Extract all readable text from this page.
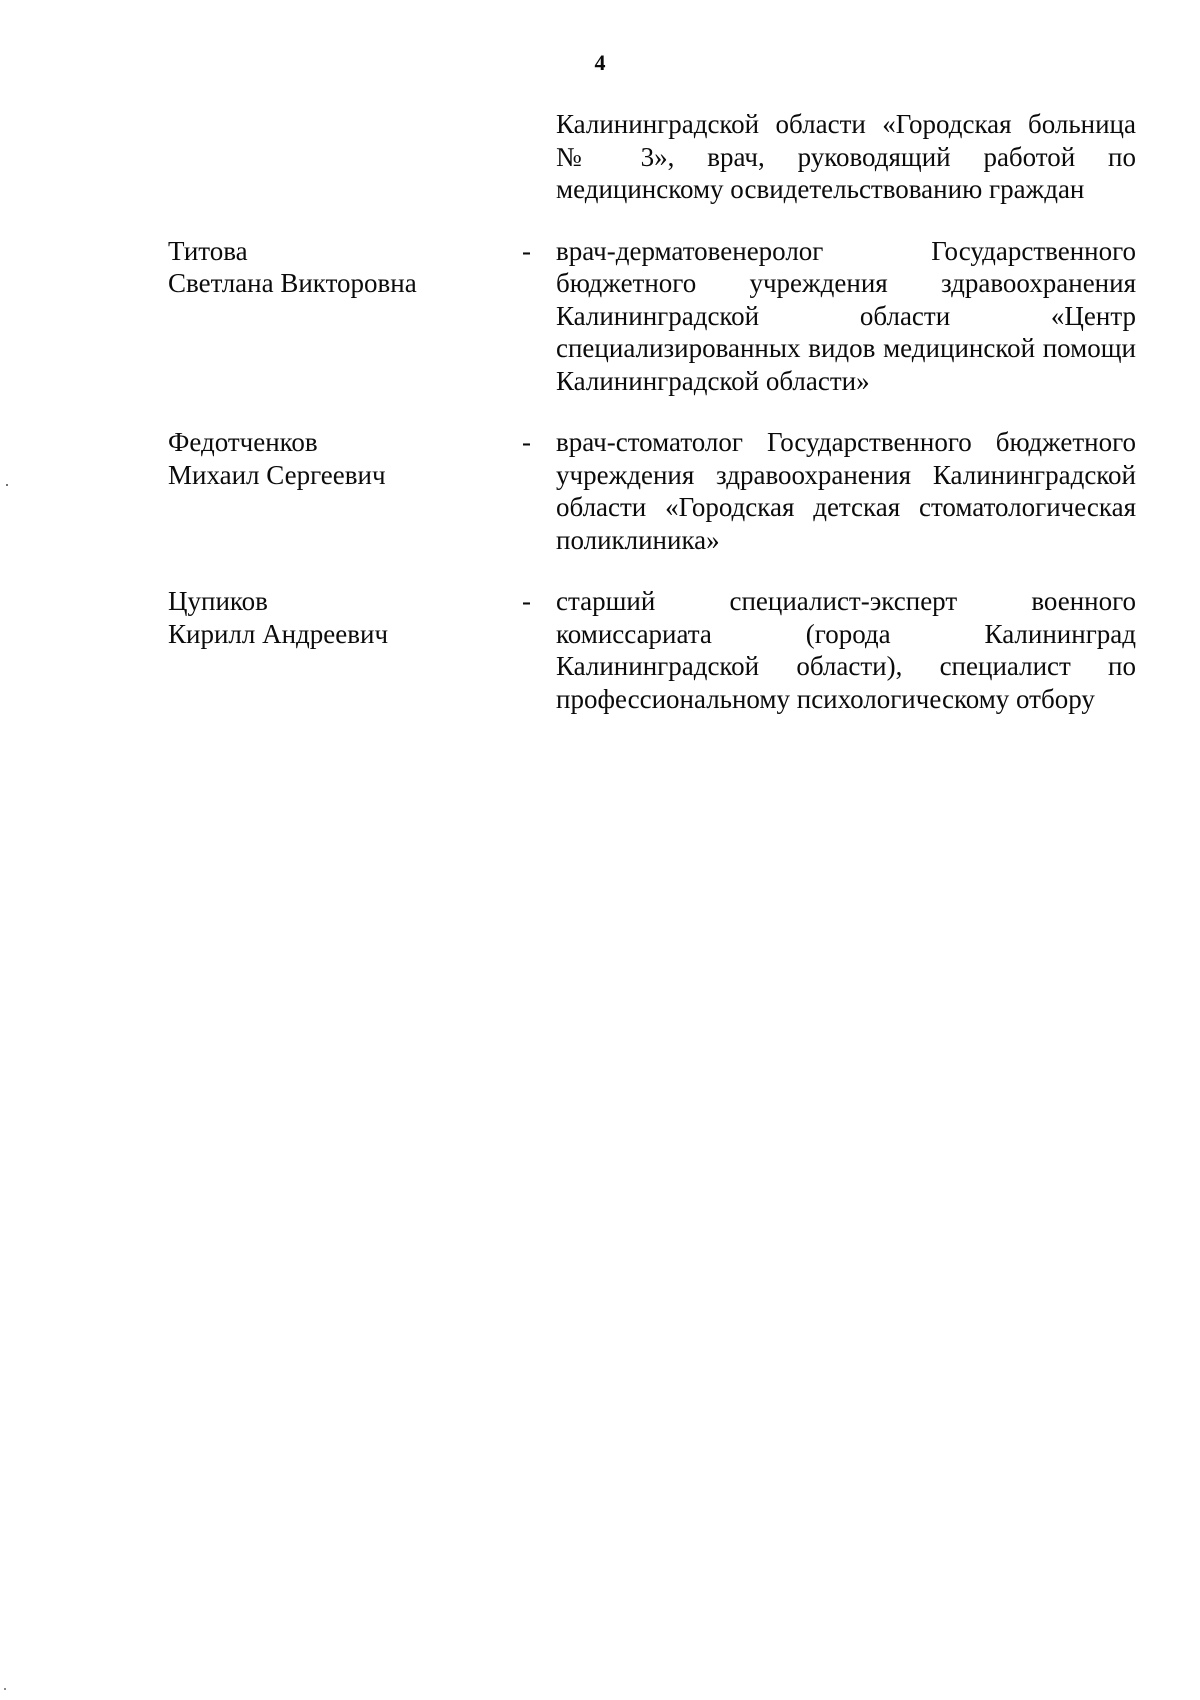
4
Калининградской области «Городская больница № 3», врач, руководящий работой по медицинскому освидетельствованию граждан
Титова
Светлана Викторовна
- врач-дерматовенеролог Государственного бюджетного учреждения здравоохранения Калининградской области «Центр специализированных видов медицинской помощи Калининградской области»
Федотченков
Михаил Сергеевич
- врач-стоматолог Государственного бюджетного учреждения здравоохранения Калининградской области «Городская детская стоматологическая поликлиника»
Цупиков
Кирилл Андреевич
- старший специалист-эксперт военного комиссариата (города Калининград Калининградской области), специалист по профессиональному психологическому отбору
